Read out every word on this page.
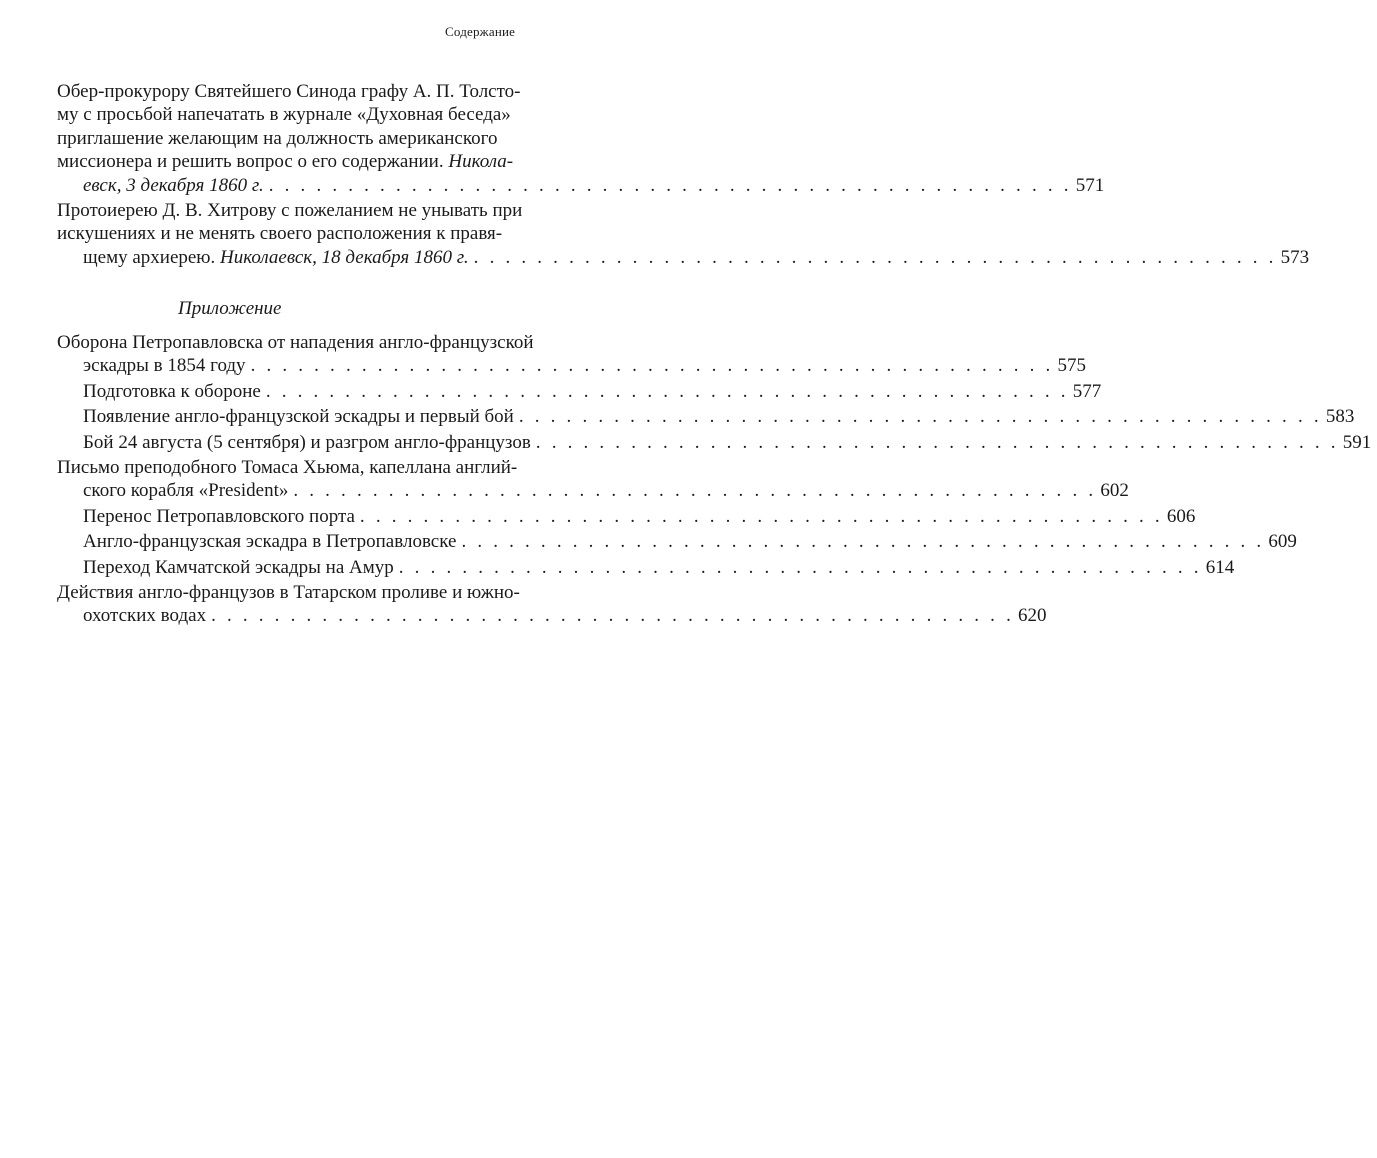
Содержание
Обер-прокурору Святейшего Синода графу А. П. Толсто-
му с просьбой напечатать в журнале «Духовная беседа»
приглашение желающим на должность американского
миссионера и решить вопрос о его содержании. Никола-
евск, 3 декабря 1860 г. . . . . . . . . . . . . . . . . . . . . . . . . . . . . . . . . . . . . . . . . . . . . . . . . . . . 571
Протоиерею Д. В. Хитрову с пожеланием не унывать при
искушениях и не менять своего расположения к правя-
щему архиерею. Николаевск, 18 декабря 1860 г. . . . . . . . . . . . . . . . . . . . . . . . . . . . . . . . . . . . . . . . . . . . . . . . . . . . 573
Приложение
Оборона Петропавловска от нападения англо-французской
эскадры в 1854 году . . . . . . . . . . . . . . . . . . . . . . . . . . . . . . . . . . . . . . . . . . . . . . . . . . . 575
Подготовка к обороне . . . . . . . . . . . . . . . . . . . . . . . . . . . . . . . . . . . . . . . . . . . . . . . . . . . 577
Появление англо-французской эскадры и первый бой . . . . . . . . . . . . . . . . . . . . . . . . . . . . . . . . . . . . . . . . . . . . . . . . . . . 583
Бой 24 августа (5 сентября) и разгром англо-французов . . . . . . . . . . . . . . . . . . . . . . . . . . . . . . . . . . . . . . . . . . . . . . . . . . . 591
Письмо преподобного Томаса Хьюма, капеллана англий-
ского корабля «President» . . . . . . . . . . . . . . . . . . . . . . . . . . . . . . . . . . . . . . . . . . . . . . . . . . . 602
Перенос Петропавловского порта . . . . . . . . . . . . . . . . . . . . . . . . . . . . . . . . . . . . . . . . . . . . . . . . . . . 606
Англо-французская эскадра в Петропавловске . . . . . . . . . . . . . . . . . . . . . . . . . . . . . . . . . . . . . . . . . . . . . . . . . . . 609
Переход Камчатской эскадры на Амур . . . . . . . . . . . . . . . . . . . . . . . . . . . . . . . . . . . . . . . . . . . . . . . . . . . 614
Действия англо-французов в Татарском проливе и южно-
охотских водах . . . . . . . . . . . . . . . . . . . . . . . . . . . . . . . . . . . . . . . . . . . . . . . . . . . 620
